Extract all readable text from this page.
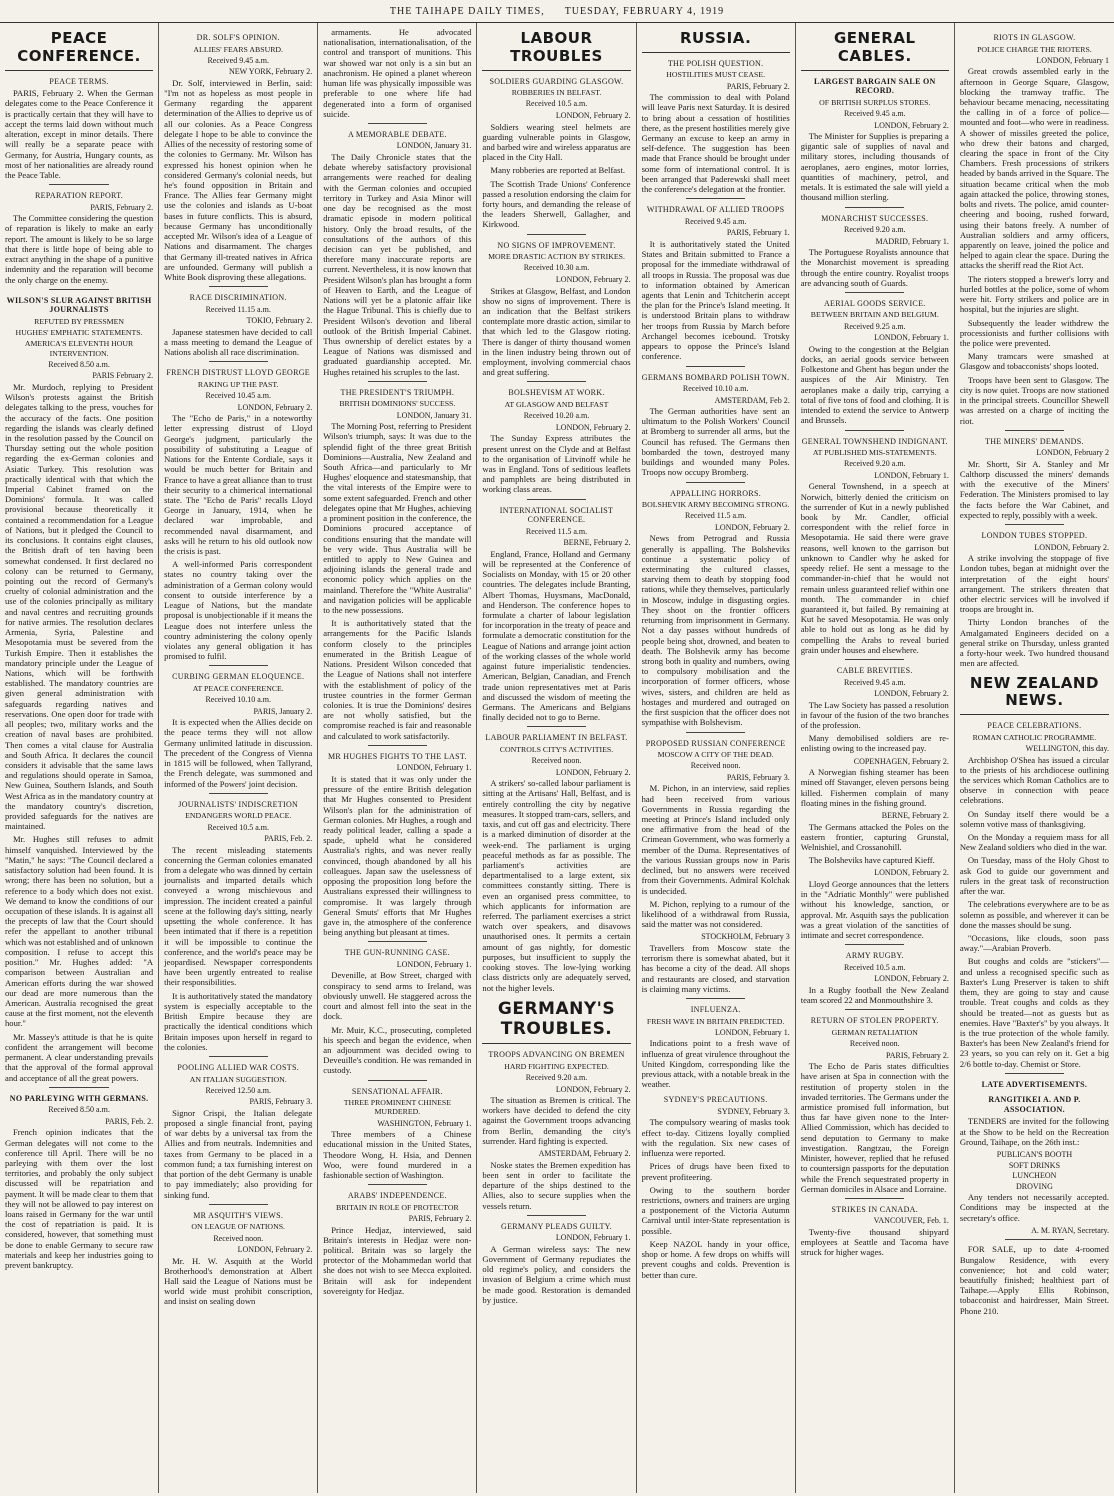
THE TAIHAPE DAILY TIMES, TUESDAY, FEBRUARY 4, 1919
PEACE CONFERENCE.
PEACE TERMS.

PARIS, February 2. When the German delegates come to the Peace Conference it is practically certain that they will have to accept the terms laid down without much alteration, except in minor details. There will really be a separate peace with Germany, for Austria, Hungary counts, as most of her nationalities are already round the Peace Table.

REPARATION REPORT.
PARIS, February 2.

The Committee considering the question of reparation is likely to make an early report. The amount is likely to be so large that there is little hope of being able to extract anything in the shape of a punitive indemnity and the reparation will become the only charge on the enemy.

WILSON'S SLUR AGAINST BRITISH JOURNALISTS
REFUTED BY PRESSMEN
HUGHES' EMPHATIC STATEMENTS.
AMERICA'S ELEVENTH HOUR INTERVENTION.
Received 8.50 a.m.
PARIS February 2.

Mr. Murdoch, replying to President Wilson's protests against the British delegates talking to the press, vouches for the accuracy of the facts. One position regarding the islands was clearly defined in the resolution passed by the Council on Thursday setting out the whole position regarding the ex-German colonies and Asiatic Turkey. This resolution was practically identical with that which the Imperial Cabinet framed on the Dominions' formula. It was called provisional because theoretically it contained a recommendation for a League of Nations, but it pledged the Council to its conclusions. It contains eight clauses, the British draft of ten having been somewhat condensed. It first declared no colony can be returned to Germany, pointing out the record of Germany's cruelty of colonial administration and the use of the colonies principally as military and naval centres and recruiting grounds for native armies. The resolution declares Armenia, Syria, Palestine and Mesopotamia must be severed from the Turkish Empire. Then it establishes the mandatory principle under the League of Nations, which will be forthwith established. The mandatory countries are given general administration with safeguards regarding natives and reservations. One open door for trade with all peoples; two, military works and the creation of naval bases are prohibited. Then comes a vital clause for Australia and South Africa. It declares the council considers it advisable that the same laws and regulations should operate in Samoa, New Guinea, Southern Islands, and South West Africa as in the mandatory country at the mandatory country's discretion, provided safeguards for the natives are maintained.

Mr. Hughes still refuses to admit himself vanquished. Interviewed by the "Matin," he says: "The Council declared a satisfactory solution had been found. It is wrong; there has been no solution, but a reference to a body which does not exist. We demand to know the conditions of our occupation of these islands. It is against all the precepts of law that the Court should refer the appellant to another tribunal which was not established and of unknown composition. I refuse to accept this position." Mr. Hughes added: "A comparison between Australian and American efforts during the war showed our dead are more numerous than the American. Australia recognised the great cause at the first moment, not the eleventh hour."

Mr. Massey's attitude is that he is quite confident the arrangement will become permanent. A clear understanding prevails that the approval of the formal approval and acceptance of all the great powers.

NO PARLEYING WITH GERMANS.
Received 8.50 a.m.
PARIS, Feb. 2.

French opinion indicates that the German delegates will not come to the conference till April. There will be no parleying with them over the lost territories, and probably the only subject discussed will be repatriation and payment. It will be made clear to them that they will not be allowed to pay interest on loans raised in Germany for the war until the cost of repatriation is paid. It is considered, however, that something must be done to enable Germany to secure raw materials and keep her industries going to prevent bankruptcy.

DR. SOLF'S OPINION.
ALLIES' FEARS ABSURD.
Received 9.45 a.m.
NEW YORK, February 2.

Dr. Solf, interviewed in Berlin, said: "I'm not as hopeless as most people in Germany regarding the apparent determination of the Allies to deprive us of all our colonies. As a Peace Congress delegate I hope to be able to convince the Allies of the necessity of restoring some of the colonies to Germany. Mr. Wilson has expressed his honest opinion when he considered Germany's colonial needs, but he's found opposition in Britain and France. The Allies fear Germany might use the colonies and islands as U-boat bases in future conflicts. This is absurd, because Germany has unconditionally accepted Mr. Wilson's idea of a League of Nations and disarmament. The charges that Germany ill-treated natives in Africa are unfounded. Germany will publish a White Book disproving these allegations.

RACE DISCRIMINATION.
Received 11.15 a.m.
TOKIO, February 2.

Japanese statesmen have decided to call a mass meeting to demand the League of Nations abolish all race discrimination.

FRENCH DISTRUST LLOYD GEORGE
RAKING UP THE PAST.
Received 10.45 a.m.
LONDON, February 2.

The "Echo de Paris," in a noteworthy letter expressing distrust of Lloyd George's judgment, particularly the possibility of substituting a League of Nations for the Entente Cordiale, says it would be much better for Britain and France to have a great alliance than to trust their security to a chimerical international state. The "Echo de Paris" recalls Lloyd George in January, 1914, when he declared war improbable, and recommended naval disarmament, and asks will he return to his old outlook now the crisis is past.

A well-informed Paris correspondent states no country taking over the administration of a German colony would consent to outside interference by a League of Nations, but the mandate proposal is unobjectionable if it means the League does not interfere unless the country administering the colony openly violates any general obligation it has promised to fulfil.

CURBING GERMAN ELOQUENCE.
AT PEACE CONFERENCE.
Received 10.10 a.m.
PARIS, January 2.

It is expected when the Allies decide on the peace terms they will not allow Germany unlimited latitude in discussion. The precedent of the Congress of Vienna in 1815 will be followed, when Tallyrand, the French delegate, was summoned and informed of the Powers' joint decision.

JOURNALISTS' INDISCRETION
ENDANGERS WORLD PEACE.
Received 10.5 a.m.
PARIS, Feb. 2.

The recent misleading statements concerning the German colonies emanated from a delegate who was dinned by certain journalists and imparted details which conveyed a wrong mischievous and impression. The incident created a painful scene at the following day's sitting, nearly upsetting the whole conference. It has been intimated that if there is a repetition it will be impossible to continue the conference, and the world's peace may be jeopardised. Newspaper correspondents have been urgently entreated to realise their responsibilities.

It is authoritatively stated the mandatory system is especially acceptable to the British Empire because they are practically the identical conditions which Britain imposes upon herself in regard to the colonies.

POOLING ALLIED WAR COSTS.
AN ITALIAN SUGGESTION.
Received 12.50 a.m.
PARIS, February 3.

Signor Crispi, the Italian delegate proposed a single financial front, paying of war debts by a universal tax from the Allies and from neutrals. Indemnities and taxes from Germany to be placed in a common fund; a tax furnishing interest on that portion of the debt Germany is unable to pay immediately; also providing for sinking fund.

MR ASQUITH'S VIEWS.
ON LEAGUE OF NATIONS.
Received noon.
LONDON, February 2.

Mr. H. W. Asquith at the World Brotherhood's demonstration at Albert Hall said the League of Nations must be world wide must prohibit conscription, and insist on sealing down

armaments. He advocated nationalisation, internationalisation, of the control and transport of munitions. This war showed war not only is a sin but an anachronism. He opined a planet whereon human life was physically impossible was preferable to one where life had degenerated into a form of organised suicide.

A MEMORABLE DEBATE.
LONDON, January 31.

The Daily Chronicle states that the debate whereby satisfactory provisional arrangements were reached for dealing with the German colonies and occupied territory in Turkey and Asia Minor will one day be recognised as the most dramatic episode in modern political history. Only the broad results, of the consultations of the authors of this decision can yet be published, and therefore many inaccurate reports are current. Nevertheless, it is now known that President Wilson's plan has brought a form of Heaven to Earth, and the League of Nations will yet be a platonic affair like the Hague Tribunal. This is chiefly due to President Wilson's devotion and liberal outlook of the British Imperial Cabinet. Thus ownership of derelict estates by a League of Nations was dismissed and graduated guardianship accepted. Mr. Hughes retained his scruples to the last.

THE PRESIDENT'S TRIUMPH.
BRITISH DOMINIONS' SUCCESS.
LONDON, January 31.

The Morning Post, referring to President Wilson's triumph, says: It was due to the splendid fight of the three great British Dominions—Australia, New Zealand and South Africa—and particularly to Mr Hughes' eloquence and statesmanship, that the vital interests of the Empire were to some extent safeguarded. French and other delegates opine that Mr Hughes, achieving a prominent position in the conference, the Dominions procured acceptance of conditions ensuring that the mandate will be very wide. Thus Australia will be entitled to apply to New Guinea and adjoining islands the general trade and economic policy which applies on the mainland. Therefore the "White Australia" and navigation policies will be applicable to the new possessions.

It is authoritatively stated that the arrangements for the Pacific Islands conform closely to the principles enumerated in the British League of Nations. President Wilson conceded that the League of Nations shall not interfere with the establishment of policy of the trustee countries in the former German colonies. It is true the Dominions' desires are not wholly satisfied, but the compromise reached is fair and reasonable and calculated to work satisfactorily.

MR HUGHES FIGHTS TO THE LAST.
LONDON, February 1.

It is stated that it was only under the pressure of the entire British delegation that Mr Hughes consented to President Wilson's plan for the administration of German colonies. Mr Hughes, a rough and ready political leader, calling a spade a spade, upheld what he considered Australia's rights, and was never really convinced, though abandoned by all his colleagues. Japan saw the uselessness of opposing the proposition long before the Australians expressed their willingness to compromise. It was largely through General Smuts' efforts that Mr Hughes gave in, the atmosphere of the conference being anything but pleasant at times.

THE GUN-RUNNING CASE.
LONDON, February 1.

Devenille, at Bow Street, charged with conspiracy to send arms to Ireland, was obviously unwell. He staggered across the court and almost fell into the seat in the dock.

Mr. Muir, K.C., prosecuting, completed his speech and began the evidence, when an adjournment was decided owing to Deveuille's condition. He was remanded in custody.

SENSATIONAL AFFAIR.
THREE PROMINENT CHINESE MURDERED.
WASHINGTON, February 1.

Three members of a Chinese educational mission in the United States, Theodore Wong, H. Hsia, and Dennen Woo, were found murdered in a fashionable section of Washington.

ARABS' INDEPENDENCE.
BRITAIN IN ROLE OF PROTECTOR
PARIS, February 2.

Prince Hedjaz, interviewed, said Britain's interests in Hedjaz were non-political. Britain was so largely the protector of the Mohammedan world that she does not wish to see Mecca exploited. Britain will ask for independent sovereignty for Hedjaz.

LABOUR TROUBLES
SOLDIERS GUARDING GLASGOW.
ROBBERIES IN BELFAST.
Received 10.5 a.m.
LONDON, February 2.

Soldiers wearing steel helmets are guarding vulnerable points in Glasgow, and barbed wire and wireless apparatus are placed in the City Hall.

Many robberies are reported at Belfast.

The Scottish Trade Unions' Conference passed a resolution endorsing the claim for forty hours, and demanding the release of the leaders Sherwell, Gallagher, and Kirkwood.

NO SIGNS OF IMPROVEMENT.
MORE DRASTIC ACTION BY STRIKES.
Received 10.30 a.m.
LONDON, February 2.

Strikes at Glasgow, Belfast, and London show no signs of improvement. There is an indication that the Belfast strikers contemplate more drastic action, similar to that which led to the Glasgow rioting. There is danger of thirty thousand women in the linen industry being thrown out of employment, involving commercial chaos and great suffering.

BOLSHEVISM AT WORK.
AT GLASGOW AND BELFAST
Received 10.20 a.m.
LONDON, February 2.

The Sunday Express attributes the present unrest on the Clyde and at Belfast to the organisation of Litvinoff while he was in England. Tons of seditious leaflets and pamphlets are being distributed in working class areas.

INTERNATIONAL SOCIALIST CONFERENCE.
Received 11.5 a.m.
BERNE, February 2.

England, France, Holland and Germany will be represented at the Conference of Socialists on Monday, with 15 or 20 other countries. The delegates include Branting, Albert Thomas, Huysmans, MacDonald, and Henderson. The conference hopes to formulate a charter of labour legislation for incorporation in the treaty of peace and formulate a democratic constitution for the League of Nations and arrange joint action of the working classes of the whole world against future imperialistic tendencies. American, Belgian, Canadian, and French trade union representatives met at Paris and discussed the wisdom of meeting the Germans. The Americans and Belgians finally decided not to go to Berne.

LABOUR PARLIAMENT IN BELFAST.
CONTROLS CITY'S ACTIVITIES.
Received noon.
LONDON, February 2.

A strikers' so-called labour parliament is sitting at the Artisans' Hall, Belfast, and is entirely controlling the city by negative measures. It stopped tram-cars, sellers, and taxis, and cut off gas and electricity. There is a marked diminution of disorder at the week-end. The parliament is urging peaceful methods as far as possible. The parliament's activities are departmentalised to a large extent, six committees constantly sitting. There is even an organised press committee, to which applicants for information are referred. The parliament exercises a strict watch over speakers, and disavows unauthorised ones. It permits a certain amount of gas nightly, for domestic purposes, but insufficient to supply the cooking stoves. The low-lying working class districts only are adequately served, not the higher levels.

GERMANY'S TROUBLES.
TROOPS ADVANCING ON BREMEN
HARD FIGHTING EXPECTED.
Received 9.20 a.m.
LONDON, February 2.

The situation as Bremen is critical. The workers have decided to defend the city against the Government troops advancing from Berlin, demanding the city's surrender. Hard fighting is expected.

AMSTERDAM, February 2.

Noske states the Bremen expedition has been sent in order to facilitate the departure of the ships destined to the Allies, also to secure supplies when the vessels return.

GERMANY PLEADS GUILTY.
LONDON, February 1.

A German wireless says: The new Government of Germany repudiates the old regime's policy, and considers the invasion of Belgium a crime which must be made good. Restoration is demanded by justice.

RUSSIA.
THE POLISH QUESTION.
HOSTILITIES MUST CEASE.
PARIS, February 2.

The commission to deal with Poland will leave Paris next Saturday. It is desired to bring about a cessation of hostilities there, as the present hostilities merely give Germany an excuse to keep an army in self-defence. The suggestion has been made that France should be brought under some form of international control. It is been arranged that Paderewski shall meet the conference's delegation at the frontier.

WITHDRAWAL OF ALLIED TROOPS
Received 9.45 a.m.
PARIS, February 1.

It is authoritatively stated the United States and Britain submitted to France a proposal for the immediate withdrawal of all troops in Russia. The proposal was due to information obtained by American agents that Lenin and Tchitcherin accept the plan for the Prince's Island meeting. It is understood Britain plans to withdraw her troops from Russia by March before Archangel becomes icebound. Trotsky appears to oppose the Prince's Island conference.

GERMANS BOMBARD POLISH TOWN.
Received 10.10 a.m.
AMSTERDAM, Feb 2.

The German authorities have sent an ultimatum to the Polish Workers' Council at Bromberg to surrender all arms, but the Council has refused. The Germans then bombarded the town, destroyed many buildings and wounded many Poles. Troops now occupy Bromberg.

APPALLING HORRORS.
BOLSHEVIK ARMY BECOMING STRONG.
Received 11.5 a.m.
LONDON, February 2.

News from Petrograd and Russia generally is appalling. The Bolsheviks continue a systematic policy of exterminating the cultured classes, starving them to death by stopping food rations, while they themselves, particularly in Moscow, indulge in disgusting orgies. They shoot on the frontier officers returning from imprisonment in Germany. Not a day passes without hundreds of people being shot, drowned, and beaten to death. The Bolshevik army has become strong both in quality and numbers, owing to compulsory mobilisation and the incorporation of former officers, whose wives, sisters, and children are held as hostages and murdered and outraged on the first suspicion that the officer does not sympathise with Bolshevism.

PROPOSED RUSSIAN CONFERENCE
MOSCOW A CITY OF THE DEAD.
Received noon.
PARIS, February 3.

M. Pichon, in an interview, said replies had been received from various Governments in Russia regarding the meeting at Prince's Island included only one affirmative from the head of the Crimean Government, who was formerly a member of the Duma. Representatives of the various Russian groups now in Paris declined, but no answers were received from their Governments. Admiral Kolchak is undecided.

M. Pichon, replying to a rumour of the likelihood of a withdrawal from Russia, said the matter was not considered.

STOCKHOLM, February 3

Travellers from Moscow state the terrorism there is somewhat abated, but it has become a city of the dead. All shops and restaurants are closed, and starvation is claiming many victims.

INFLUENZA.
FRESH WAVE IN BRITAIN PREDICTED.
LONDON, February 1.

Indications point to a fresh wave of influenza of great virulence throughout the United Kingdom, corresponding like the previous attack, with a notable break in the weather.

SYDNEY'S PRECAUTIONS.
SYDNEY, February 3.

The compulsory wearing of masks took effect to-day. Citizens loyally complied with the regulation. Six new cases of influenza were reported.

Prices of drugs have been fixed to prevent profiteering.

Owing to the southern border restrictions, owners and trainers are urging a postponement of the Victoria Autumn Carnival until inter-State representation is possible.

Keep NAZOL handy in your office, shop or home. A few drops on whiffs will prevent coughs and colds. Prevention is better than cure.

GENERAL CABLES.
LARGEST BARGAIN SALE ON RECORD.
OF BRITISH SURPLUS STORES.
Received 9.45 a.m.
LONDON, February 2.

The Minister for Supplies is preparing a gigantic sale of supplies of naval and military stores, including thousands of aeroplanes, aero engines, motor lorries, quantities of machinery, petrol, and metals. It is estimated the sale will yield a thousand million sterling.

MONARCHIST SUCCESSES.
Received 9.20 a.m.
MADRID, February 1.

The Portuguese Royalists announce that the Monarchist movement is spreading through the entire country. Royalist troops are advancing south of Guards.

AERIAL GOODS SERVICE.
BETWEEN BRITAIN AND BELGIUM.
Received 9.25 a.m.
LONDON, February 1.

Owing to the congestion at the Belgian docks, an aerial goods service between Folkestone and Ghent has begun under the auspices of the Air Ministry. Ten aeroplanes make a daily trip, carrying a total of five tons of food and clothing. It is intended to extend the service to Antwerp and Brussels.

GENERAL TOWNSHEND INDIGNANT.
AT PUBLISHED MIS-STATEMENTS.
Received 9.20 a.m.
LONDON, February 1.

General Townshend, in a speech at Norwich, bitterly denied the criticism on the surrender of Kut in a newly published book by Mr. Candler, official correspondent with the relief force in Mesopotamia. He said there were grave reasons, well known to the garrison but unknown to Candler why he asked for speedy relief. He sent a message to the commander-in-chief that he would not remain unless guaranteed relief within one month. The commander in chief guaranteed it, but failed. By remaining at Kut he saved Mesopotamia. He was only able to hold out as long as he did by compelling the Arabs to reveal buried grain under houses and elsewhere.

CABLE BREVITIES.
Received 9.45 a.m.
LONDON, February 2.

The Law Society has passed a resolution in favour of the fusion of the two branches of the profession.

Many demobilised soldiers are re-enlisting owing to the increased pay.

COPENHAGEN, February 2.

A Norwegian fishing steamer has been mined off Stavanger, eleven persons being killed. Fishermen complain of many floating mines in the fishing ground.

BERNE, February 2.

The Germans attacked the Poles on the eastern frontier, capturing Grunstal, Welnishiel, and Crossanohill.

The Bolsheviks have captured Kieff.

LONDON, February 2.

Lloyd George announces that the letters in the "Adriatic Monthly" were published without his knowledge, sanction, or approval. Mr. Asquith says the publication was a great violation of the sanctities of intimate and secret correspondence.

ARMY RUGBY.
Received 10.5 a.m.
LONDON, February 2.

In a Rugby football the New Zealand team scored 22 and Monmouthshire 3.

RETURN OF STOLEN PROPERTY.
GERMAN RETALIATION
Received noon.
PARIS, February 2.

The Echo de Paris states difficulties have arisen at Spa in connection with the restitution of property stolen in the invaded territories. The Germans under the armistice promised full information, but thus far have given none to the Inter-Allied Commission, which has decided to send deputation to Germany to make investigation. Rangtzau, the Foreign Minister, however, replied that he refused to countersign passports for the deputation while the French sequestrated property in German domiciles in Alsace and Lorraine.

STRIKES IN CANADA.
VANCOUVER, Feb. 1.

Twenty-five thousand shipyard employees at Seattle and Tacoma have struck for higher wages.

RIOTS IN GLASGOW.
POLICE CHARGE THE RIOTERS.
LONDON, February 1

Great crowds assembled early in the afternoon in George Square, Glasgow, blocking the tramway traffic. The behaviour became menacing, necessitating the calling in of a force of police—mounted and foot—who were in readiness. A shower of missiles greeted the police, who drew their batons and charged, clearing the space in front of the City Chambers. Fresh processions of strikers headed by bands arrived in the Square. The situation became critical when the mob again attacked the police, throwing stones, bolts and rivets. The police, amid counter-cheering and booing, rushed forward, using their batons freely. A number of Australian soldiers and army officers, apparently on leave, joined the police and helped to again clear the space. During the attacks the sheriff read the Riot Act.

The rioters stopped a brewer's lorry and hurled bottles at the police, some of whom were hit. Forty strikers and police are in hospital, but the injuries are slight.

Subsequently the leader withdrew the processionists and further collisions with the police were prevented.

Many tramcars were smashed at Glasgow and tobacconists' shops looted.

Troops have been sent to Glasgow. The city is now quiet. Troops are now stationed in the principal streets. Councillor Shewell was arrested on a charge of inciting the riot.

THE MINERS' DEMANDS.
LONDON, February 2

Mr. Shortt, Sir A. Stanley and Mr Calthorp discussed the miners' demands with the executive of the Miners' Federation. The Ministers promised to lay the facts before the War Cabinet, and expected to reply, possibly with a week.

LONDON TUBES STOPPED.
LONDON, February 2.

A strike involving the stoppage of five London tubes, began at midnight over the interpretation of the eight hours' arrangement. The strikers threaten that other electric services will be involved if troops are brought in.

Thirty London branches of the Amalgamated Engineers decided on a general strike on Thursday, unless granted a forty-hour week. Two hundred thousand men are affected.

NEW ZEALAND NEWS.
PEACE CELEBRATIONS.
ROMAN CATHOLIC PROGRAMME.
WELLINGTON, this day.

Archbishop O'Shea has issued a circular to the priests of his archdiocese outlining the services which Roman Catholics are to observe in connection with peace celebrations.

On Sunday itself there would be a solemn votive mass of thanksgiving.

On the Monday a requiem mass for all New Zealand soldiers who died in the war.

On Tuesday, mass of the Holy Ghost to ask God to guide our government and rulers in the great task of reconstruction after the war.

The celebrations everywhere are to be as solemn as possible, and wherever it can be done the masses should be sung.

"Occasions, like clouds, soon pass away."—Arabian Proverb.

But coughs and colds are "stickers"—and unless a recognised specific such as Baxter's Lung Preserver is taken to shift them, they are going to stay and cause trouble. Treat coughs and colds as they should be treated—not as guests but as enemies. Have "Baxter's" by you always. It is the true protection of the whole family. Baxter's has been New Zealand's friend for 23 years, so you can rely on it. Get a big 2/6 bottle to-day. Chemist or Store.

LATE ADVERTISEMENTS.
RANGITIKEI A. AND P. ASSOCIATION.

TENDERS are invited for the following at the Show to be held on the Recreation Ground, Taihape, on the 26th inst.:

PUBLICAN'S BOOTH
SOFT DRINKS
LUNCHEON
DROVING

Any tenders not necessarily accepted. Conditions may be inspected at the secretary's office.

A. M. RYAN, Secretary.

FOR SALE, up to date 4-roomed Bungalow Residence, with every convenience; hot and cold water; beautifully finished; healthiest part of Taihape.—Apply Ellis Robinson, tobacconist and hairdresser, Main Street. Phone 210.
